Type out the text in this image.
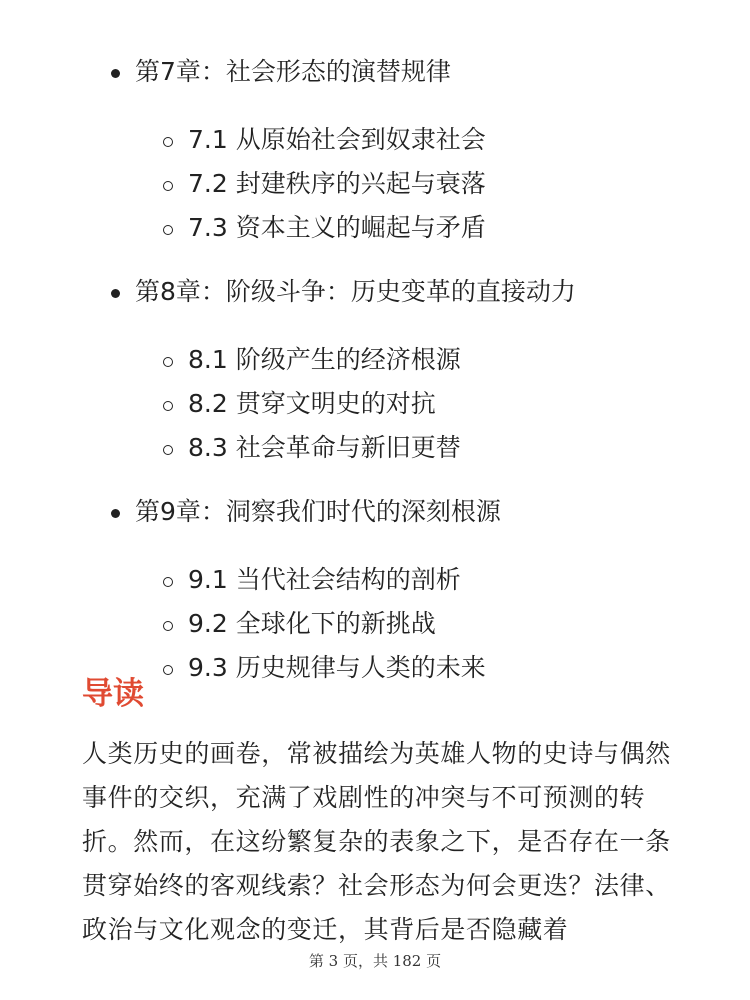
第7章：社会形态的演替规律
7.1 从原始社会到奴隶社会
7.2 封建秩序的兴起与衰落
7.3 资本主义的崛起与矛盾
第8章：阶级斗争：历史变革的直接动力
8.1 阶级产生的经济根源
8.2 贯穿文明史的对抗
8.3 社会革命与新旧更替
第9章：洞察我们时代的深刻根源
9.1 当代社会结构的剖析
9.2 全球化下的新挑战
9.3 历史规律与人类的未来
导读

人类历史的画卷，常被描绘为英雄人物的史诗与偶然事件的交织，充满了戏剧性的冲突与不可预测的转折。然而，在这纷繁复杂的表象之下，是否存在一条贯穿始终的客观线索？社会形态为何会更迭？法律、政治与文化观念的变迁，其背后是否隐藏着

第 3 页，共 182 页
